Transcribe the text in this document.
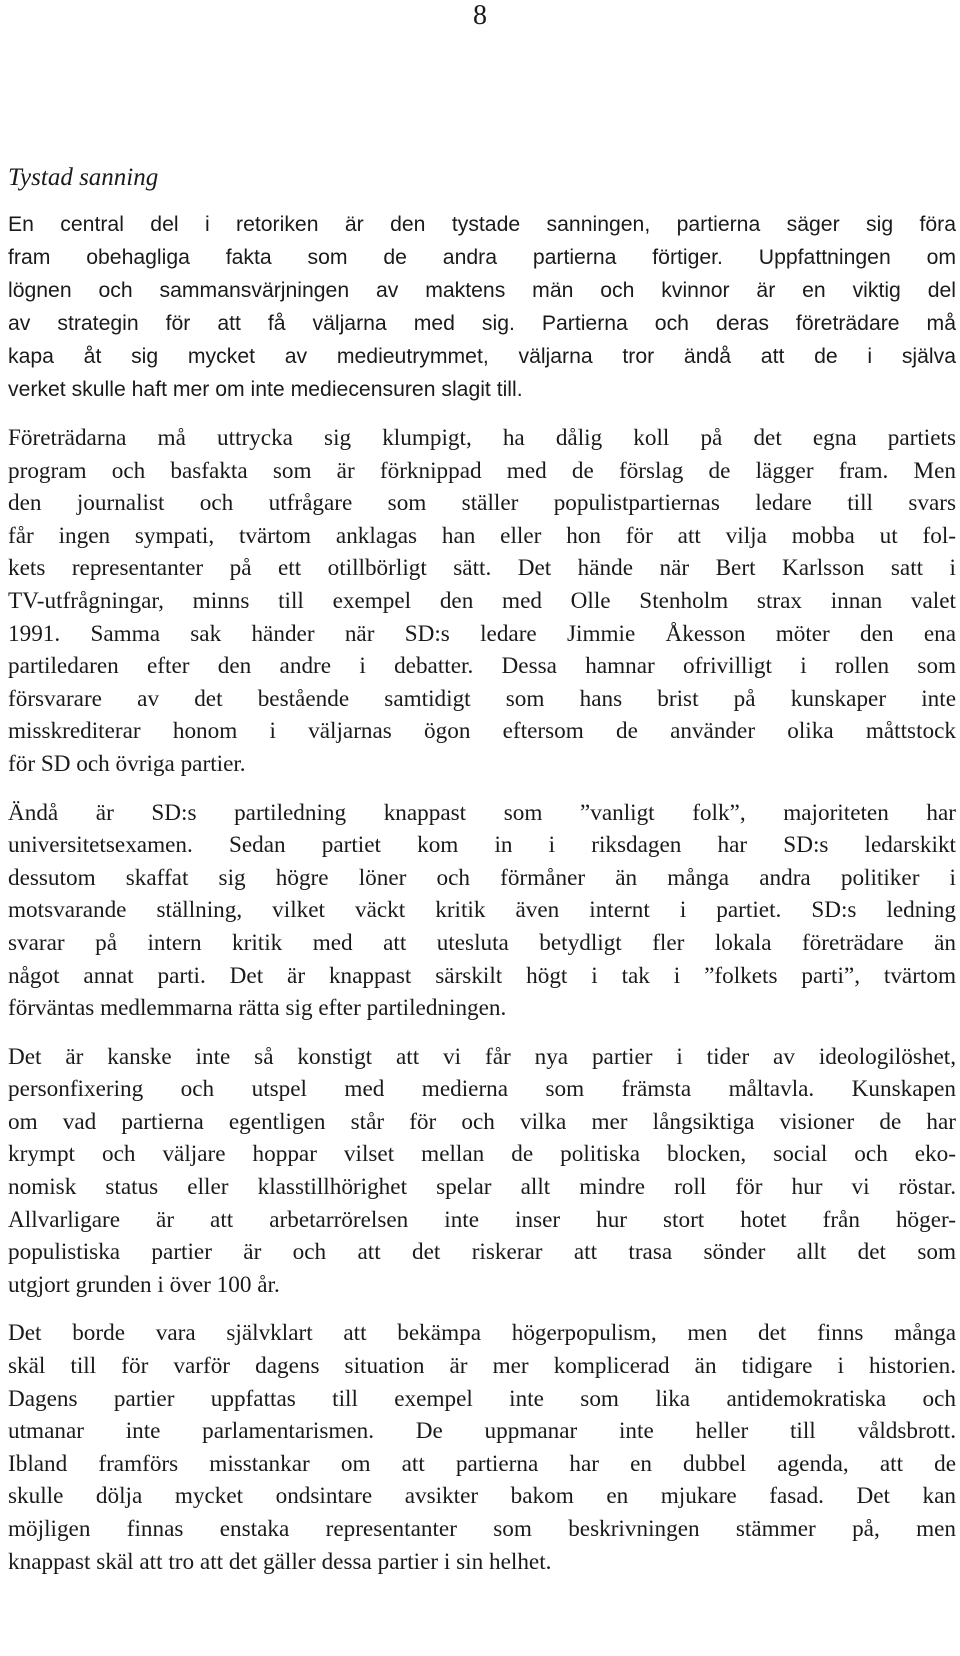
8
Tystad sanning
En central del i retoriken är den tystade sanningen, partierna säger sig föra
fram obehagliga fakta som de andra partierna förtiger. Uppfattningen om
lögnen och sammansvärjningen av maktens män och kvinnor är en viktig del
av strategin för att få väljarna med sig. Partierna och deras företrädare må
kapa åt sig mycket av medieutrymmet, väljarna tror ändå att de i själva
verket skulle haft mer om inte mediecensuren slagit till.
Företrädarna må uttrycka sig klumpigt, ha dålig koll på det egna partiets
program och basfakta som är förknippad med de förslag de lägger fram. Men
den journalist och utfrågare som ställer populistpartiernas ledare till svars
får ingen sympati, tvärtom anklagas han eller hon för att vilja mobba ut fol-
kets representanter på ett otillbörligt sätt. Det hände när Bert Karlsson satt i
TV-utfrågningar, minns till exempel den med Olle Stenholm strax innan valet
1991. Samma sak händer när SD:s ledare Jimmie Åkesson möter den ena
partiledaren efter den andre i debatter. Dessa hamnar ofrivilligt i rollen som
försvarare av det bestående samtidigt som hans brist på kunskaper inte
misskrediterar honom i väljarnas ögon eftersom de använder olika måttstock
för SD och övriga partier.
Ändå är SD:s partiledning knappast som ”vanligt folk”, majoriteten har
universitetsexamen. Sedan partiet kom in i riksdagen har SD:s ledarskikt
dessutom skaffat sig högre löner och förmåner än många andra politiker i
motsvarande ställning, vilket väckt kritik även internt i partiet. SD:s ledning
svarar på intern kritik med att utesluta betydligt fler lokala företrädare än
något annat parti. Det är knappast särskilt högt i tak i ”folkets parti”, tvärtom
förväntas medlemmarna rätta sig efter partiledningen.
Det är kanske inte så konstigt att vi får nya partier i tider av ideologilöshet,
personfixering och utspel med medierna som främsta måltavla. Kunskapen
om vad partierna egentligen står för och vilka mer långsiktiga visioner de har
krympt och väljare hoppar vilset mellan de politiska blocken, social och eko-
nomisk status eller klasstillhörighet spelar allt mindre roll för hur vi röstar.
Allvarligare är att arbetarrörelsen inte inser hur stort hotet från höger-
populistiska partier är och att det riskerar att trasa sönder allt det som
utgjort grunden i över 100 år.
Det borde vara självklart att bekämpa högerpopulism, men det finns många
skäl till för varför dagens situation är mer komplicerad än tidigare i historien.
Dagens partier uppfattas till exempel inte som lika antidemokratiska och
utmanar inte parlamentarismen. De uppmanar inte heller till våldsbrott.
Ibland framförs misstankar om att partierna har en dubbel agenda, att de
skulle dölja mycket ondsintare avsikter bakom en mjukare fasad. Det kan
möjligen finnas enstaka representanter som beskrivningen stämmer på, men
knappast skäl att tro att det gäller dessa partier i sin helhet.
